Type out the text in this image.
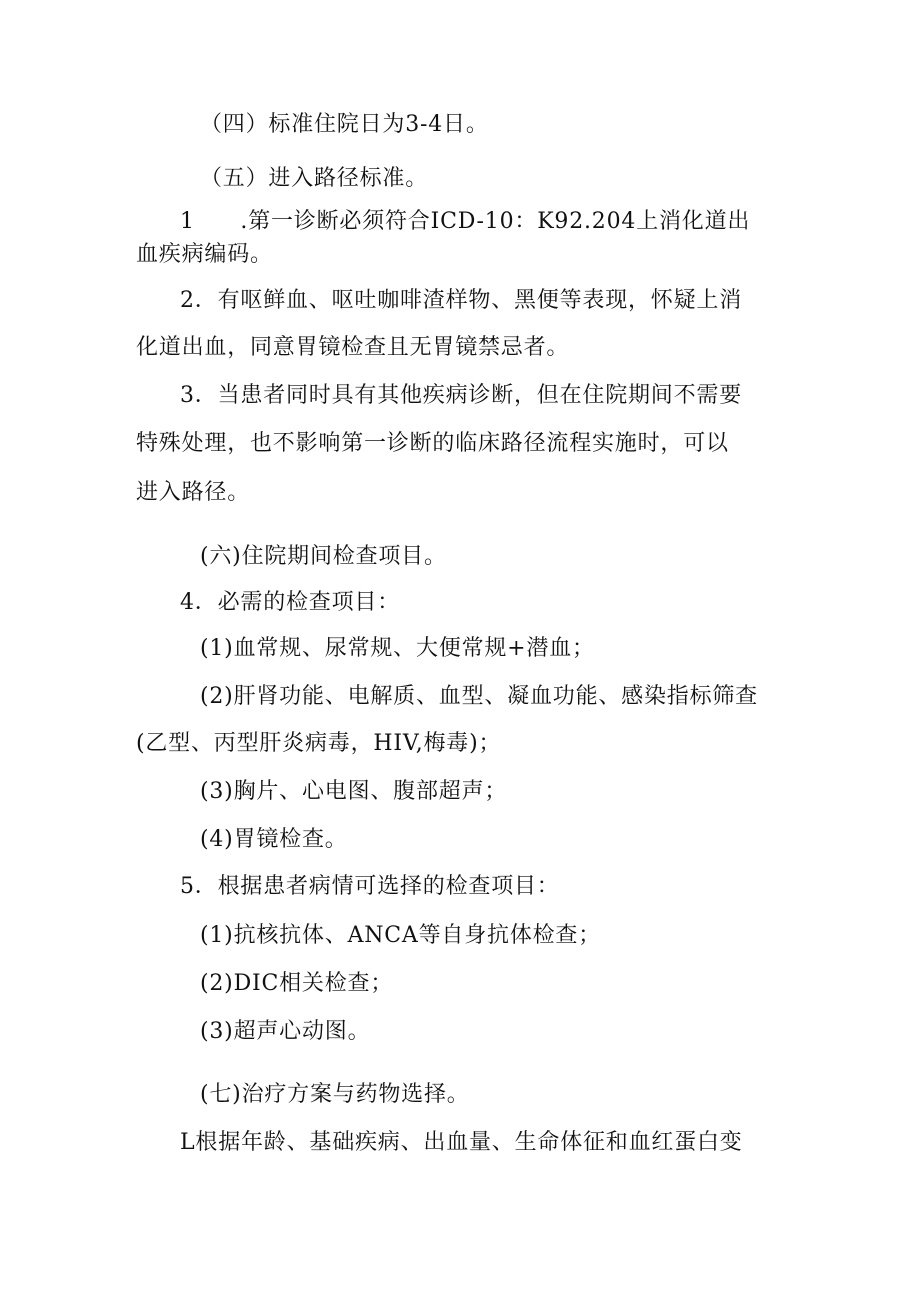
（四）标准住院日为3-4日。
（五）进入路径标准。
1　　.第一诊断必须符合ICD-10：K92.204上消化道出
血疾病编码。
2．有呕鲜血、呕吐咖啡渣样物、黑便等表现，怀疑上消
化道出血，同意胃镜检查且无胃镜禁忌者。
3．当患者同时具有其他疾病诊断，但在住院期间不需要
特殊处理，也不影响第一诊断的临床路径流程实施时，可以
进入路径。
(六)住院期间检查项目。
4．必需的检查项目：
(1)血常规、尿常规、大便常规+潜血；
(2)肝肾功能、电解质、血型、凝血功能、感染指标筛查
(乙型、丙型肝炎病毒，HIV,梅毒)；
(3)胸片、心电图、腹部超声；
(4)胃镜检查。
5．根据患者病情可选择的检查项目：
(1)抗核抗体、ANCA等自身抗体检查；
(2)DIC相关检查；
(3)超声心动图。
(七)治疗方案与药物选择。
L根据年龄、基础疾病、出血量、生命体征和血红蛋白变
